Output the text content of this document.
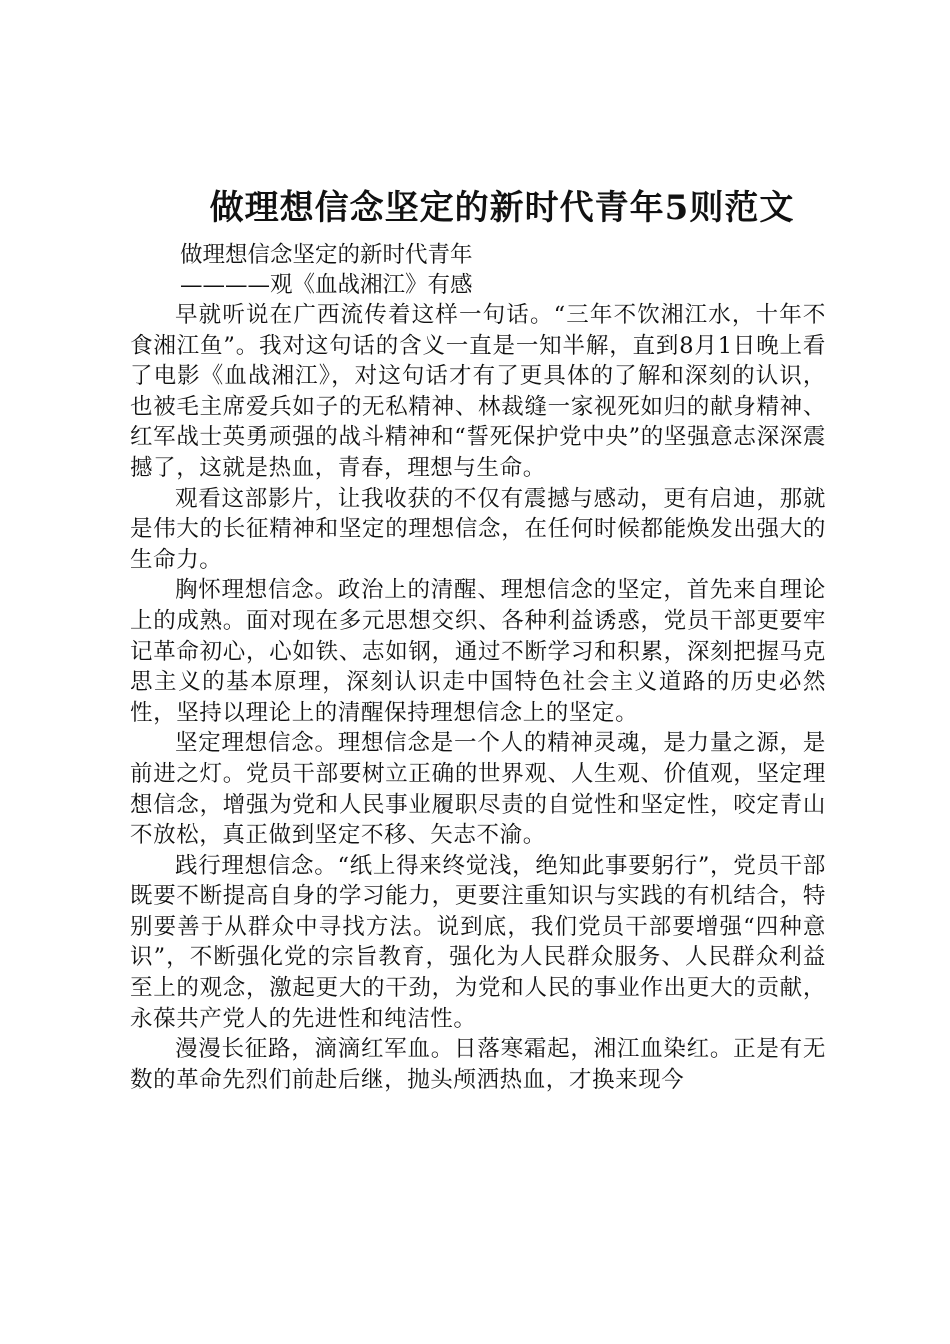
做理想信念坚定的新时代青年5则范文

做理想信念坚定的新时代青年

————观《血战湘江》有感

早就听说在广西流传着这样一句话。“三年不饮湘江水，十年不食湘江鱼”。我对这句话的含义一直是一知半解，直到8月1日晚上看了电影《血战湘江》，对这句话才有了更具体的了解和深刻的认识，也被毛主席爱兵如子的无私精神、林裁缝一家视死如归的献身精神、红军战士英勇顽强的战斗精神和“誓死保护党中央”的坚强意志深深震撼了，这就是热血，青春，理想与生命。

观看这部影片，让我收获的不仅有震撼与感动，更有启迪，那就是伟大的长征精神和坚定的理想信念，在任何时候都能焕发出强大的生命力。

胸怀理想信念。政治上的清醒、理想信念的坚定，首先来自理论上的成熟。面对现在多元思想交织、各种利益诱惑，党员干部更要牢记革命初心，心如铁、志如钢，通过不断学习和积累，深刻把握马克思主义的基本原理，深刻认识走中国特色社会主义道路的历史必然性，坚持以理论上的清醒保持理想信念上的坚定。

坚定理想信念。理想信念是一个人的精神灵魂，是力量之源，是前进之灯。党员干部要树立正确的世界观、人生观、价值观，坚定理想信念，增强为党和人民事业履职尽责的自觉性和坚定性，咬定青山不放松，真正做到坚定不移、矢志不渝。

践行理想信念。“纸上得来终觉浅，绝知此事要躬行”，党员干部既要不断提高自身的学习能力，更要注重知识与实践的有机结合，特别要善于从群众中寻找方法。说到底，我们党员干部要增强“四种意识”，不断强化党的宗旨教育，强化为人民群众服务、人民群众利益至上的观念，激起更大的干劲，为党和人民的事业作出更大的贡献，永葆共产党人的先进性和纯洁性。

漫漫长征路，滴滴红军血。日落寒霜起，湘江血染红。正是有无数的革命先烈们前赴后继，抛头颅洒热血，才换来现今
